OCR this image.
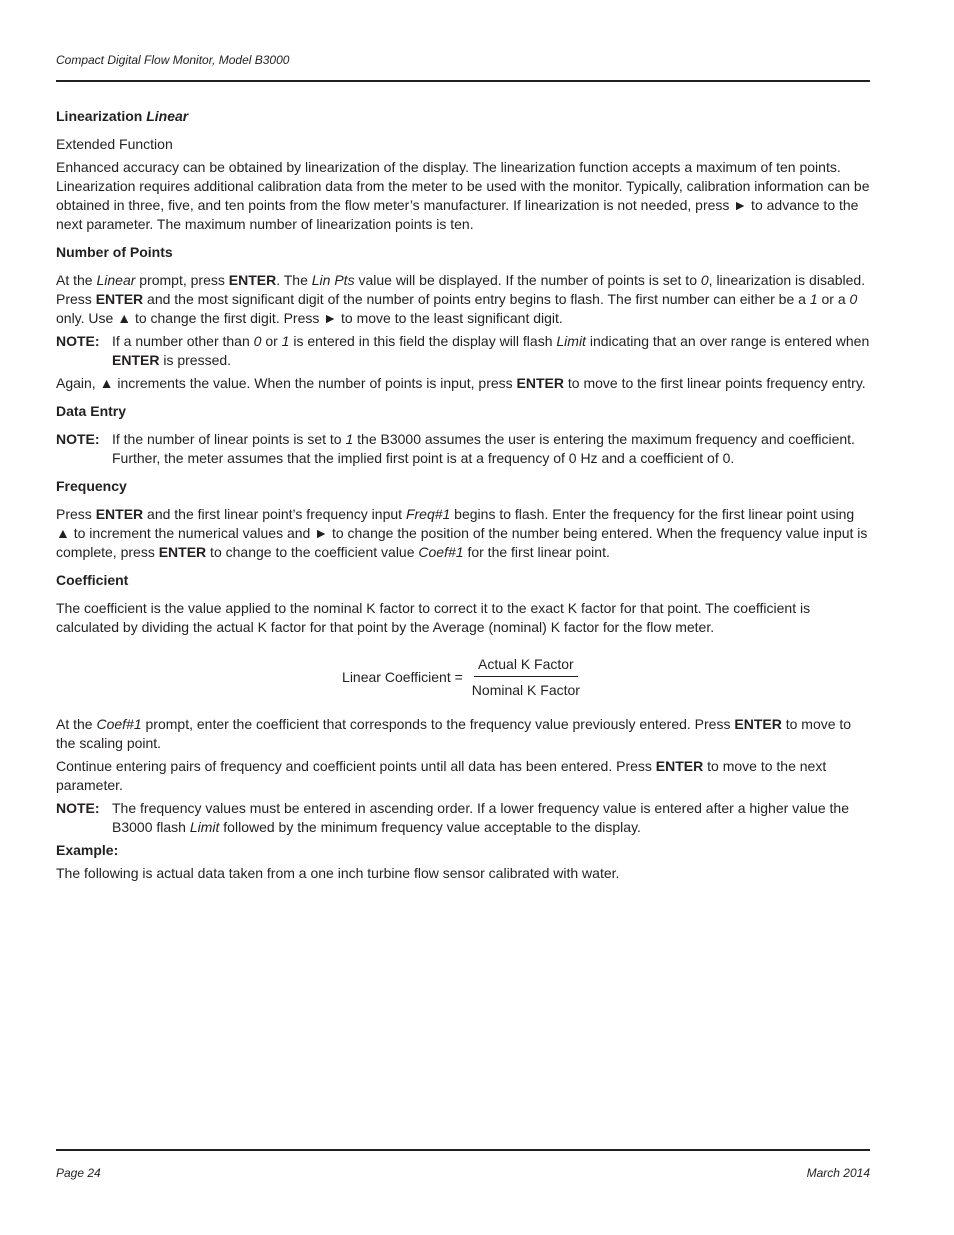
Compact Digital Flow Monitor, Model B3000

Linearization Linear

Extended Function

Enhanced accuracy can be obtained by linearization of the display. The linearization function accepts a maximum of ten points. Linearization requires additional calibration data from the meter to be used with the monitor. Typically, calibration information can be obtained in three, five, and ten points from the flow meter’s manufacturer. If linearization is not needed, press ► to advance to the next parameter. The maximum number of linearization points is ten.

Number of Points

At the Linear prompt, press ENTER. The Lin Pts value will be displayed. If the number of points is set to 0, linearization is disabled. Press ENTER and the most significant digit of the number of points entry begins to flash. The first number can either be a 1 or a 0 only. Use ▲ to change the first digit. Press ► to move to the least significant digit.

NOTE: If a number other than 0 or 1 is entered in this field the display will flash Limit indicating that an over range is entered when ENTER is pressed.

Again, ▲ increments the value. When the number of points is input, press ENTER to move to the first linear points frequency entry.

Data Entry

NOTE: If the number of linear points is set to 1 the B3000 assumes the user is entering the maximum frequency and coefficient. Further, the meter assumes that the implied first point is at a frequency of 0 Hz and a coefficient of 0.

Frequency

Press ENTER and the first linear point’s frequency input Freq#1 begins to flash. Enter the frequency for the first linear point using ▲ to increment the numerical values and ► to change the position of the number being entered. When the frequency value input is complete, press ENTER to change to the coefficient value Coef#1 for the first linear point.

Coefficient

The coefficient is the value applied to the nominal K factor to correct it to the exact K factor for that point. The coefficient is calculated by dividing the actual K factor for that point by the Average (nominal) K factor for the flow meter.

Linear Coefficient = $\frac{\text{Actual K Factor}}{\text{Nominal K Factor}}$

At the Coef#1 prompt, enter the coefficient that corresponds to the frequency value previously entered. Press ENTER to move to the scaling point.

Continue entering pairs of frequency and coefficient points until all data has been entered. Press ENTER to move to the next parameter.

NOTE: The frequency values must be entered in ascending order. If a lower frequency value is entered after a higher value the B3000 flash Limit followed by the minimum frequency value acceptable to the display.

Example:

The following is actual data taken from a one inch turbine flow sensor calibrated with water.

Page 24	March 2014
